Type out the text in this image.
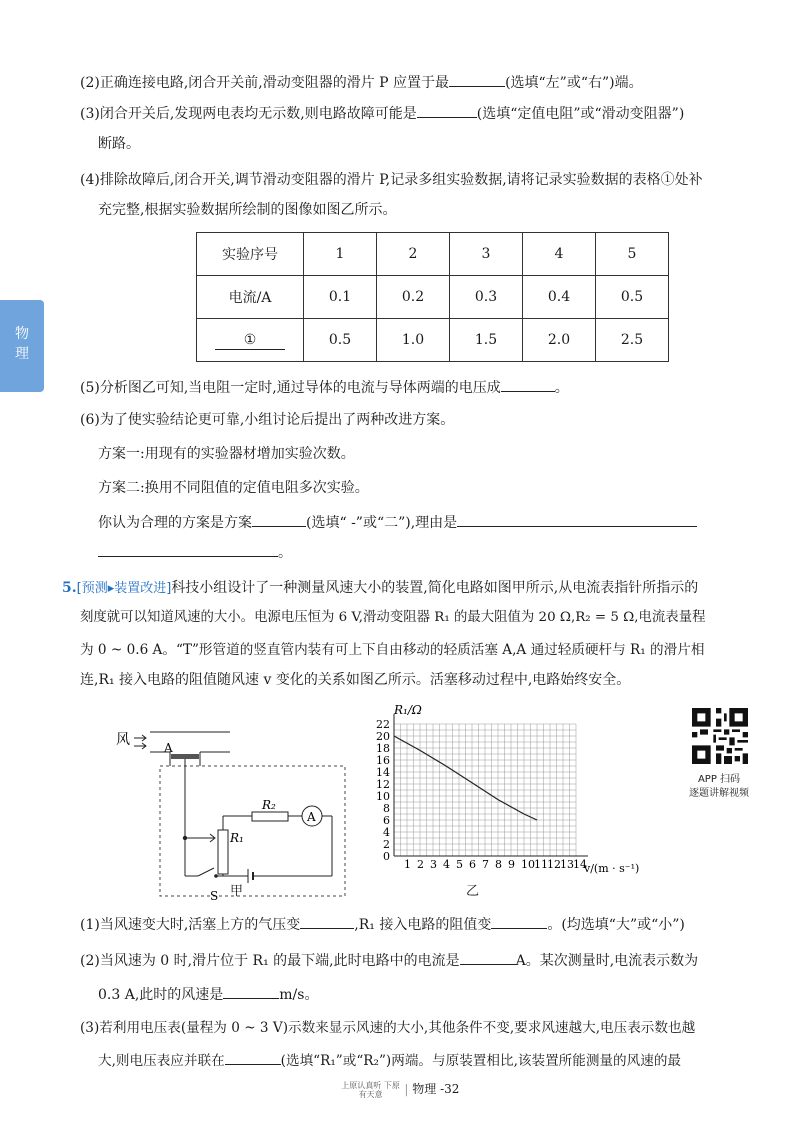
物理
(2)正确连接电路,闭合开关前,滑动变阻器的滑片 P 应置于最	(选填“左”或“右”)端。
(3)闭合开关后,发现两电表均无示数,则电路故障可能是	(选填“定值电阻”或“滑动变阻器”)
断路。
(4)排除故障后,闭合开关,调节滑动变阻器的滑片 P,记录多组实验数据,请将记录实验数据的表格①处补
充完整,根据实验数据所绘制的图像如图乙所示。
实验序号	1	2	3	4	5
电流/A	0.1	0.2	0.3	0.4	0.5
①	0.5	1.0	1.5	2.0	2.5
(5)分析图乙可知,当电阻一定时,通过导体的电流与导体两端的电压成	。
(6)为了使实验结论更可靠,小组讨论后提出了两种改进方案。
方案一:用现有的实验器材增加实验次数。
方案二:换用不同阻值的定值电阻多次实验。
你认为合理的方案是方案	(选填“ -”或“二”),理由是
。
5.[预测▸装置改进]科技小组设计了一种测量风速大小的装置,简化电路如图甲所示,从电流表指针所指示的
刻度就可以知道风速的大小。电源电压恒为 6 V,滑动变阻器 R₁ 的最大阻值为 20 Ω,R₂ = 5 Ω,电流表量程
为 0 ~ 0.6 A。“T”形管道的竖直管内装有可上下自由移动的轻质活塞 A,A 通过轻质硬杆与 R₁ 的滑片相
连,R₁ 接入电路的阻值随风速 v 变化的关系如图乙所示。活塞移动过程中,电路始终安全。
风	A
R₁
R₂
A
S 甲
1 2 3 4 5 6 7 8 9 10 11 12 13 14
0
2
4
6
8
10
12
14
16
18
20
22
R₁/Ω
v/(m · s⁻¹)
乙
APP 扫码
逐题讲解视频
(1)当风速变大时,活塞上方的气压变	,R₁ 接入电路的阻值变	。(均选填“大”或“小”)
(2)当风速为 0 时,滑片位于 R₁ 的最下端,此时电路中的电流是	A。某次测量时,电流表示数为
0.3 A,此时的风速是	m/s。
(3)若利用电压表(量程为 0 ~ 3 V)示数来显示风速的大小,其他条件不变,要求风速越大,电压表示数也越
大,则电压表应并联在	(选填“R₁”或“R₂”)两端。与原装置相比,该装置所能测量的风速的最
上原认真听 下原有天意 | 物理 -32
